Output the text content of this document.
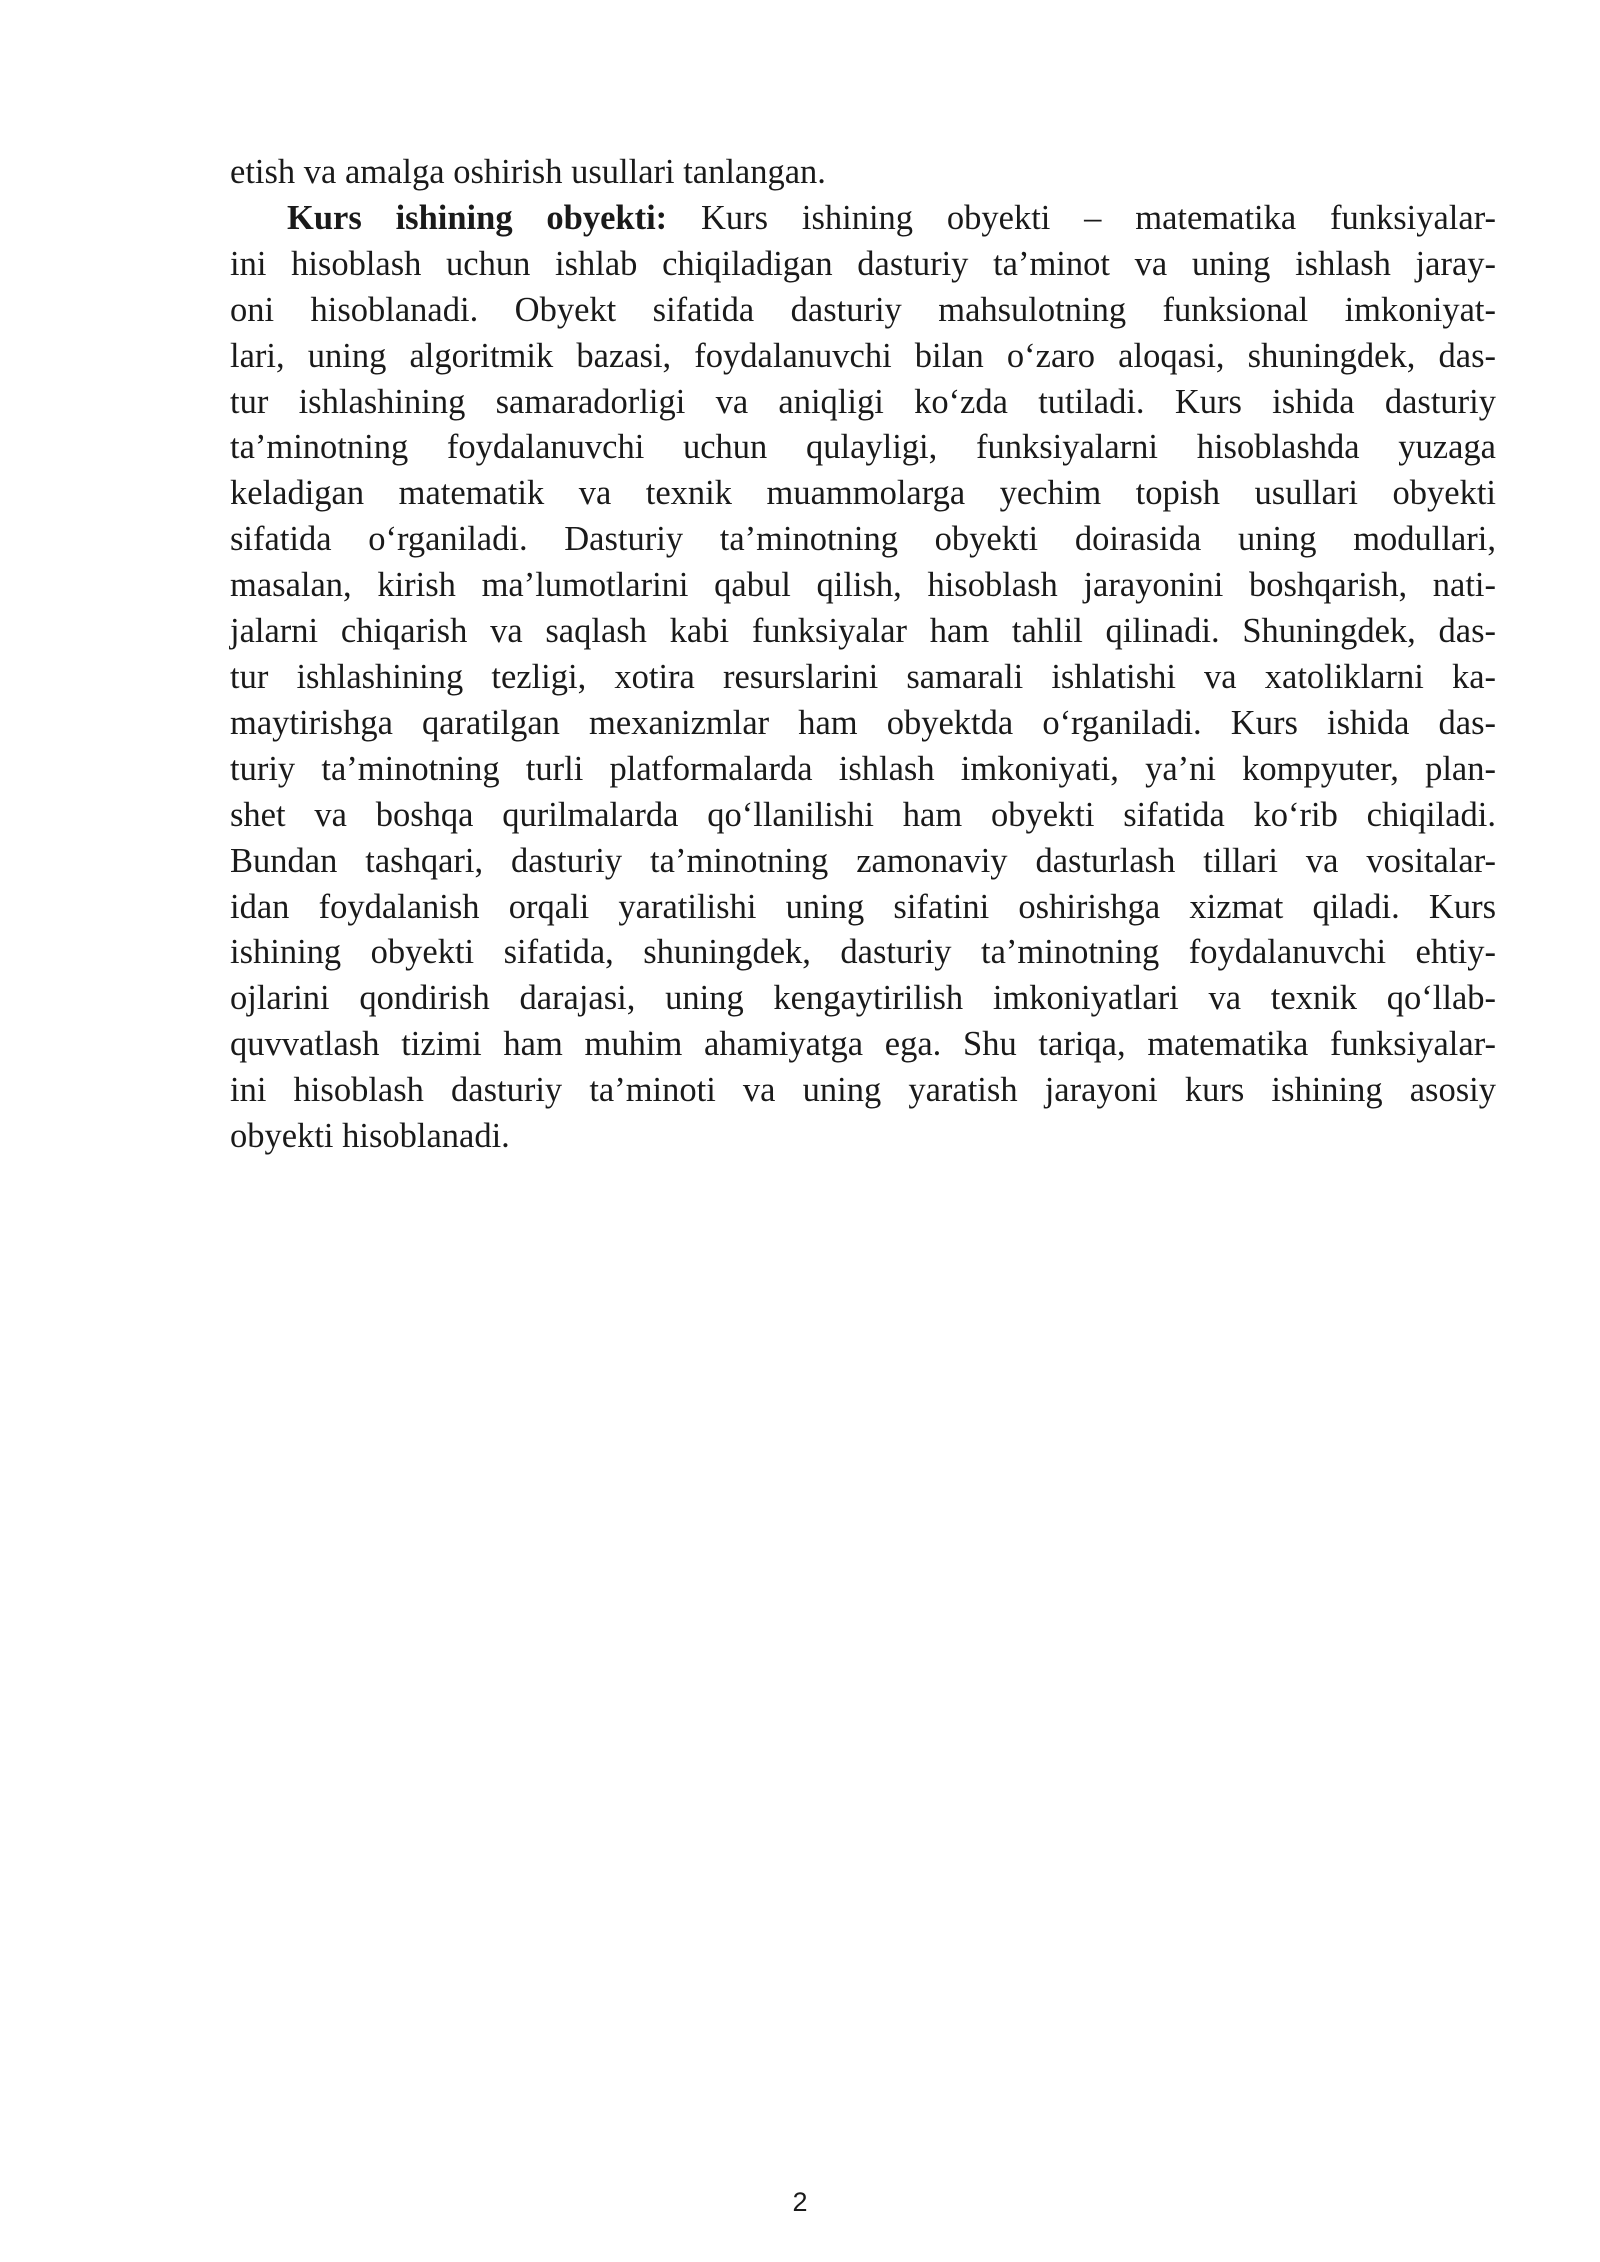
etish va amalga oshirish usullari tanlangan.
Kurs ishining obyekti: Kurs ishining obyekti – matematika funksiyalar-
ini hisoblash uchun ishlab chiqiladigan dasturiy ta’minot va uning ishlash jaray-
oni hisoblanadi. Obyekt sifatida dasturiy mahsulotning funksional imkoniyat-
lari, uning algoritmik bazasi, foydalanuvchi bilan o‘zaro aloqasi, shuningdek, das-
tur ishlashining samaradorligi va aniqligi ko‘zda tutiladi. Kurs ishida dasturiy
ta’minotning foydalanuvchi uchun qulayligi, funksiyalarni hisoblashda yuzaga
keladigan matematik va texnik muammolarga yechim topish usullari obyekti
sifatida o‘rganiladi. Dasturiy ta’minotning obyekti doirasida uning modullari,
masalan, kirish ma’lumotlarini qabul qilish, hisoblash jarayonini boshqarish, nati-
jalarni chiqarish va saqlash kabi funksiyalar ham tahlil qilinadi. Shuningdek, das-
tur ishlashining tezligi, xotira resurslarini samarali ishlatishi va xatoliklarni ka-
maytirishga qaratilgan mexanizmlar ham obyektda o‘rganiladi. Kurs ishida das-
turiy ta’minotning turli platformalarda ishlash imkoniyati, ya’ni kompyuter, plan-
shet va boshqa qurilmalarda qo‘llanilishi ham obyekti sifatida ko‘rib chiqiladi.
Bundan tashqari, dasturiy ta’minotning zamonaviy dasturlash tillari va vositalar-
idan foydalanish orqali yaratilishi uning sifatini oshirishga xizmat qiladi. Kurs
ishining obyekti sifatida, shuningdek, dasturiy ta’minotning foydalanuvchi ehtiy-
ojlarini qondirish darajasi, uning kengaytirilish imkoniyatlari va texnik qo‘llab-
quvvatlash tizimi ham muhim ahamiyatga ega. Shu tariqa, matematika funksiyalar-
ini hisoblash dasturiy ta’minoti va uning yaratish jarayoni kurs ishining asosiy
obyekti hisoblanadi.
2
